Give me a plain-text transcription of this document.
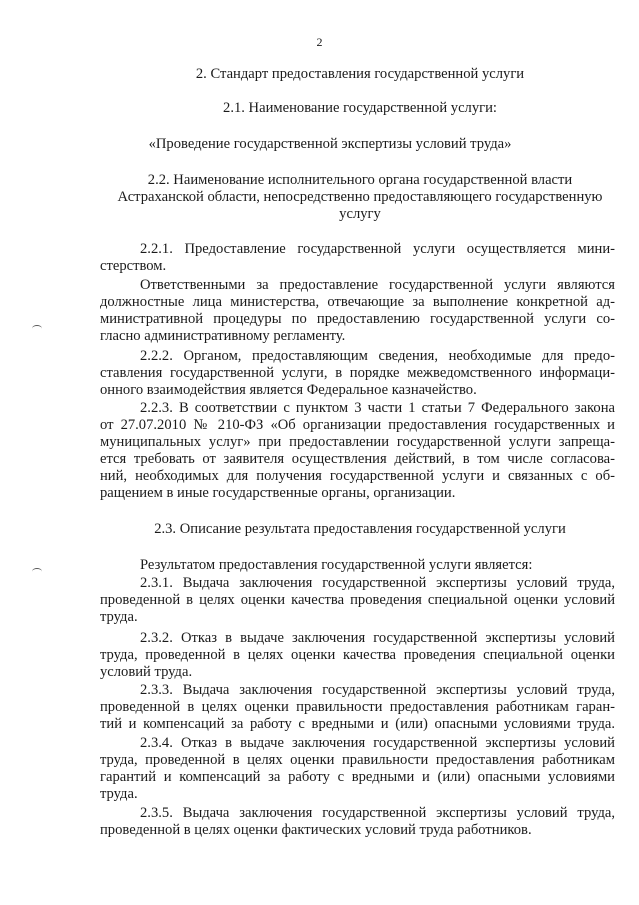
2
2. Стандарт предоставления государственной услуги
2.1. Наименование государственной услуги:
«Проведение государственной экспертизы условий труда»
2.2. Наименование исполнительного органа государственной власти
Астраханской области, непосредственно предоставляющего государственную
услугу
2.2.1. Предоставление государственной услуги осуществляется мини-
стерством.
Ответственными за предоставление государственной услуги являются
должностные лица министерства, отвечающие за выполнение конкретной ад-
министративной процедуры по предоставлению государственной услуги со-
гласно административному регламенту.
2.2.2. Органом, предоставляющим сведения, необходимые для предо-
ставления государственной услуги, в порядке межведомственного информаци-
онного взаимодействия является Федеральное казначейство.
2.2.3. В соответствии с пунктом 3 части 1 статьи 7 Федерального закона
от 27.07.2010 № 210-ФЗ «Об организации предоставления государственных и
муниципальных услуг» при предоставлении государственной услуги запреща-
ется требовать от заявителя осуществления действий, в том числе согласова-
ний, необходимых для получения государственной услуги и связанных с об-
ращением в иные государственные органы, организации.
2.3. Описание результата предоставления государственной услуги
Результатом предоставления государственной услуги является:
2.3.1. Выдача заключения государственной экспертизы условий труда,
проведенной в целях оценки качества проведения специальной оценки условий
труда.
2.3.2. Отказ в выдаче заключения государственной экспертизы условий
труда, проведенной в целях оценки качества проведения специальной оценки
условий труда.
2.3.3. Выдача заключения государственной экспертизы условий труда,
проведенной в целях оценки правильности предоставления работникам гаран-
тий и компенсаций за работу с вредными и (или) опасными условиями труда.
2.3.4. Отказ в выдаче заключения государственной экспертизы условий
труда, проведенной в целях оценки правильности предоставления работникам
гарантий и компенсаций за работу с вредными и (или) опасными условиями
труда.
2.3.5. Выдача заключения государственной экспертизы условий труда,
проведенной в целях оценки фактических условий труда работников.
